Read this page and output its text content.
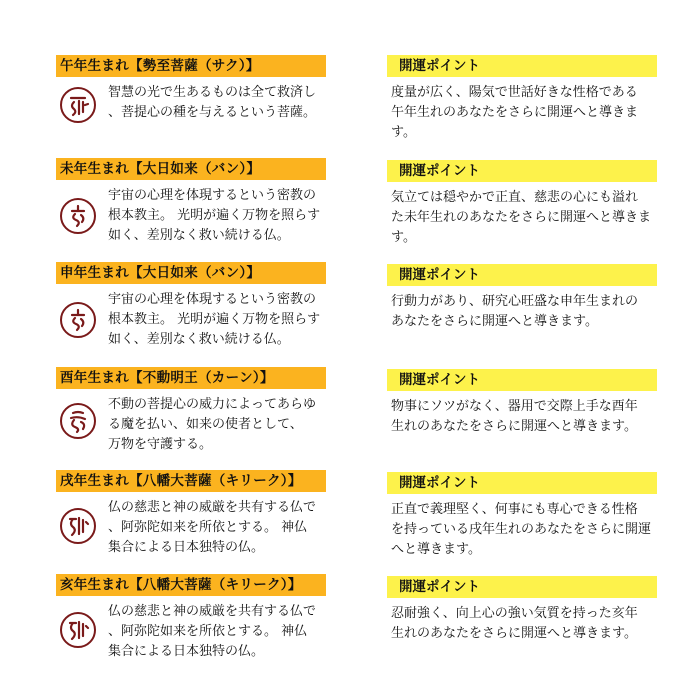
午年生まれ【勢至菩薩（サク）】
智慧の光で生あるものは全て救済し
、菩提心の種を与えるという菩薩。
開運ポイント
度量が広く、陽気で世話好きな性格である
午年生れのあなたをさらに開運へと導きます。
未年生まれ【大日如来（バン）】
宇宙の心理を体現するという密教の
根本教主。 光明が遍く万物を照らす
如く、差別なく救い続ける仏。
開運ポイント
気立ては穏やかで正直、慈悲の心にも溢れ
た未年生れのあなたをさらに開運へと導きます。
申年生まれ【大日如来（バン）】
宇宙の心理を体現するという密教の
根本教主。 光明が遍く万物を照らす
如く、差別なく救い続ける仏。
開運ポイント
行動力があり、研究心旺盛な申年生まれの
あなたをさらに開運へと導きます。
酉年生まれ【不動明王（カーン）】
不動の菩提心の威力によってあらゆ
る魔を払い、如来の使者として、
万物を守護する。
開運ポイント
物事にソツがなく、器用で交際上手な酉年
生れのあなたをさらに開運へと導きます。
戌年生まれ【八幡大菩薩（キリーク）】
仏の慈悲と神の威厳を共有する仏で
、阿弥陀如来を所依とする。 神仏
集合による日本独特の仏。
開運ポイント
正直で義理堅く、何事にも専心できる性格
を持っている戌年生れのあなたをさらに開運
へと導きます。
亥年生まれ【八幡大菩薩（キリーク）】
仏の慈悲と神の威厳を共有する仏で
、阿弥陀如来を所依とする。 神仏
集合による日本独特の仏。
開運ポイント
忍耐強く、向上心の強い気質を持った亥年
生れのあなたをさらに開運へと導きます。
